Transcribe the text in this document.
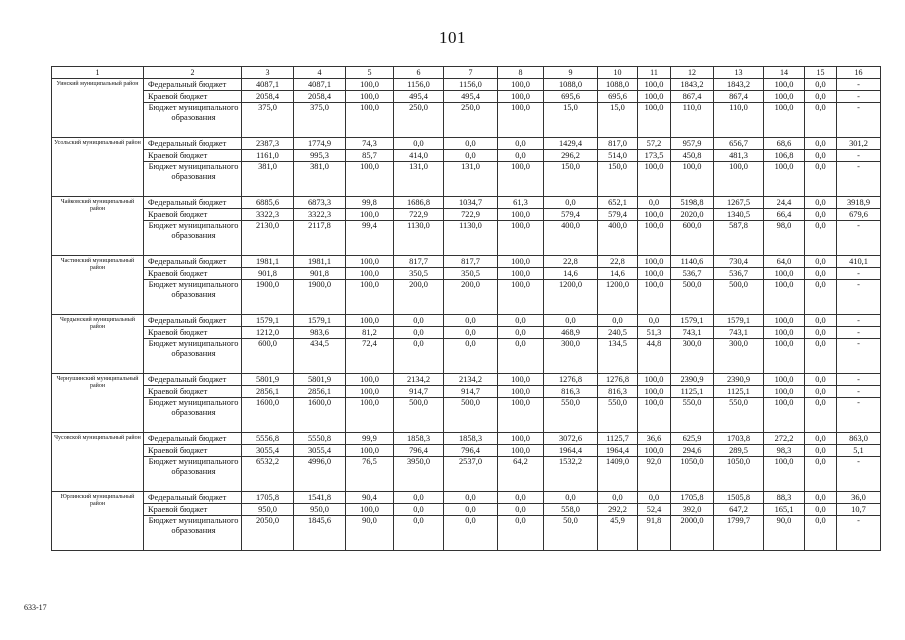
101
1	2	3	4	5	6	7	8	9	10	11	12	13	14	15	16
Уинский муниципальный район	Федеральный бюджет	4087,1	4087,1	100,0	1156,0	1156,0	100,0	1088,0	1088,0	100,0	1843,2	1843,2	100,0	0,0	-
	Краевой бюджет	2058,4	2058,4	100,0	495,4	495,4	100,0	695,6	695,6	100,0	867,4	867,4	100,0	0,0	-
	Бюджет муниципального образования	375,0	375,0	100,0	250,0	250,0	100,0	15,0	15,0	100,0	110,0	110,0	100,0	0,0	-
Усольский муниципальный район	Федеральный бюджет	2387,3	1774,9	74,3	0,0	0,0	0,0	1429,4	817,0	57,2	957,9	656,7	68,6	0,0	301,2
	Краевой бюджет	1161,0	995,3	85,7	414,0	0,0	0,0	296,2	514,0	173,5	450,8	481,3	106,8	0,0	-
	Бюджет муниципального образования	381,0	381,0	100,0	131,0	131,0	100,0	150,0	150,0	100,0	100,0	100,0	100,0	0,0	-
Чайковский муниципальный район	Федеральный бюджет	6885,6	6873,3	99,8	1686,8	1034,7	61,3	0,0	652,1	0,0	5198,8	1267,5	24,4	0,0	3918,9
	Краевой бюджет	3322,3	3322,3	100,0	722,9	722,9	100,0	579,4	579,4	100,0	2020,0	1340,5	66,4	0,0	679,6
	Бюджет муниципального образования	2130,0	2117,8	99,4	1130,0	1130,0	100,0	400,0	400,0	100,0	600,0	587,8	98,0	0,0	-
Частинский муниципальный район	Федеральный бюджет	1981,1	1981,1	100,0	817,7	817,7	100,0	22,8	22,8	100,0	1140,6	730,4	64,0	0,0	410,1
	Краевой бюджет	901,8	901,8	100,0	350,5	350,5	100,0	14,6	14,6	100,0	536,7	536,7	100,0	0,0	-
	Бюджет муниципального образования	1900,0	1900,0	100,0	200,0	200,0	100,0	1200,0	1200,0	100,0	500,0	500,0	100,0	0,0	-
Чердынский муниципальный район	Федеральный бюджет	1579,1	1579,1	100,0	0,0	0,0	0,0	0,0	0,0	0,0	1579,1	1579,1	100,0	0,0	-
	Краевой бюджет	1212,0	983,6	81,2	0,0	0,0	0,0	468,9	240,5	51,3	743,1	743,1	100,0	0,0	-
	Бюджет муниципального образования	600,0	434,5	72,4	0,0	0,0	0,0	300,0	134,5	44,8	300,0	300,0	100,0	0,0	-
Чернушинский муниципальный район	Федеральный бюджет	5801,9	5801,9	100,0	2134,2	2134,2	100,0	1276,8	1276,8	100,0	2390,9	2390,9	100,0	0,0	-
	Краевой бюджет	2856,1	2856,1	100,0	914,7	914,7	100,0	816,3	816,3	100,0	1125,1	1125,1	100,0	0,0	-
	Бюджет муниципального образования	1600,0	1600,0	100,0	500,0	500,0	100,0	550,0	550,0	100,0	550,0	550,0	100,0	0,0	-
Чусовской муниципальный район	Федеральный бюджет	5556,8	5550,8	99,9	1858,3	1858,3	100,0	3072,6	1125,7	36,6	625,9	1703,8	272,2	0,0	863,0
	Краевой бюджет	3055,4	3055,4	100,0	796,4	796,4	100,0	1964,4	1964,4	100,0	294,6	289,5	98,3	0,0	5,1
	Бюджет муниципального образования	6532,2	4996,0	76,5	3950,0	2537,0	64,2	1532,2	1409,0	92,0	1050,0	1050,0	100,0	0,0	-
Юрлинский муниципальный район	Федеральный бюджет	1705,8	1541,8	90,4	0,0	0,0	0,0	0,0	0,0	0,0	1705,8	1505,8	88,3	0,0	36,0
	Краевой бюджет	950,0	950,0	100,0	0,0	0,0	0,0	558,0	292,2	52,4	392,0	647,2	165,1	0,0	10,7
	Бюджет муниципального образования	2050,0	1845,6	90,0	0,0	0,0	0,0	50,0	45,9	91,8	2000,0	1799,7	90,0	0,0	-
633-17
